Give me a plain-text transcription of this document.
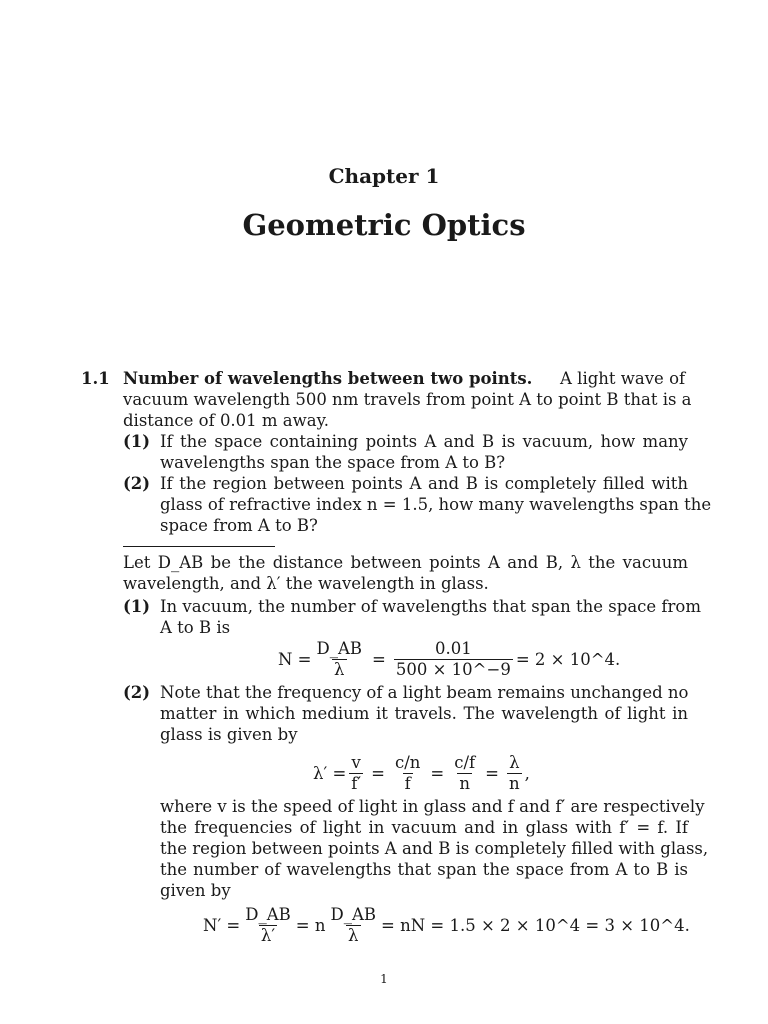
Chapter 1
Geometric Optics
1.1 Number of wavelengths between two points. A light wave of
vacuum wavelength 500 nm travels from point A to point B that is a
distance of 0.01 m away.
(1) If the space containing points A and B is vacuum, how many
wavelengths span the space from A to B?
(2) If the region between points A and B is completely filled with
glass of refractive index n = 1.5, how many wavelengths span the
space from A to B?
Let D_AB be the distance between points A and B, λ the vacuum
wavelength, and λ′ the wavelength in glass.
(1) In vacuum, the number of wavelengths that span the space from
A to B is
$N = \frac{D\_AB}{\lambda} = \frac{0.01}{500 \times 10\^{}-9} = 2$ × 10^4.
(2) Note that the frequency of a light beam remains unchanged no
matter in which medium it travels. The wavelength of light in
glass is given by
$\lambda' = \frac{v}{f'} = \frac{c/n}{f} = \frac{c/f}{n} = \frac{\lambda}{n}$ ,
where v is the speed of light in glass and f and f′ are respectively
the frequencies of light in vacuum and in glass with f′ = f. If
the region between points A and B is completely filled with glass,
the number of wavelengths that span the space from A to B is
given by
$N' = \frac{D\_AB}{\lambda'} = n \frac{D\_AB}{\lambda}$ = nN = 1.5 × 2 × 10^4 = 3 × 10^4.
1
